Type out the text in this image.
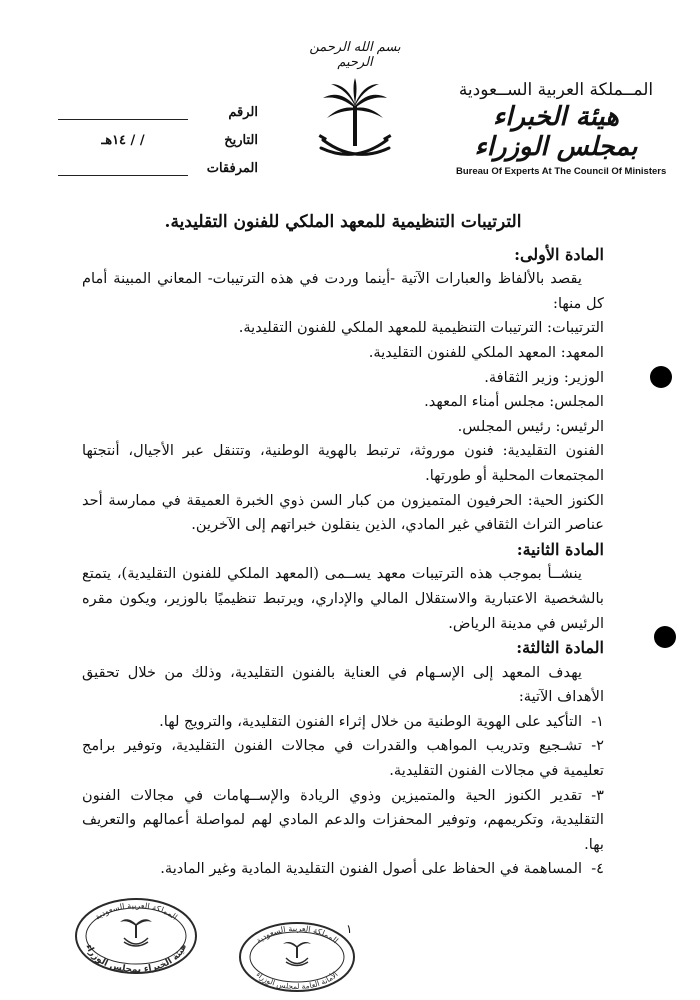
المــملكة العربية الســعودية
هيئة الخبراء بمجلس الوزراء
Bureau Of Experts At The Council Of Ministers
بسم الله الرحمن الرحيم
الرقم
التاريخ
/ / ١٤هـ
المرفقات
الترتيبات التنظيمية للمعهد الملكي للفنون التقليدية.
المادة الأولى:
يقصد بالألفاظ والعبارات الآتية -أينما وردت في هذه الترتيبات- المعاني المبينة أمام كل منها:
الترتيبات: الترتيبات التنظيمية للمعهد الملكي للفنون التقليدية.
المعهد: المعهد الملكي للفنون التقليدية.
الوزير: وزير الثقافة.
المجلس: مجلس أمناء المعهد.
الرئيس: رئيس المجلس.
الفنون التقليدية: فنون موروثة، ترتبط بالهوية الوطنية، وتتنقل عبر الأجيال، أنتجتها المجتمعات المحلية أو طورتها.
الكنوز الحية: الحرفيون المتميزون من كبار السن ذوي الخبرة العميقة في ممارسة أحد عناصر التراث الثقافي غير المادي، الذين ينقلون خبراتهم إلى الآخرين.
المادة الثانية:
ينشــأ بموجب هذه الترتيبات معهد يســمى (المعهد الملكي للفنون التقليدية)، يتمتع بالشخصية الاعتبارية والاستقلال المالي والإداري، ويرتبط تنظيميًا بالوزير، ويكون مقره الرئيس في مدينة الرياض.
المادة الثالثة:
يهدف المعهد إلى الإسـهام في العناية بالفنون التقليدية، وذلك من خلال تحقيق الأهداف الآتية:
١-التأكيد على الهوية الوطنية من خلال إثراء الفنون التقليدية، والترويج لها.
٢-تشـجيع وتدريب المواهب والقدرات في مجالات الفنون التقليدية، وتوفير برامج تعليمية في مجالات الفنون التقليدية.
٣-تقدير الكنوز الحية والمتميزين وذوي الريادة والإســهامات في مجالات الفنون التقليدية، وتكريمهم، وتوفير المحفزات والدعم المادي لهم لمواصلة أعمالهم والتعريف بها.
٤-المساهمة في الحفاظ على أصول الفنون التقليدية المادية وغير المادية.
١
المملكة العربية السعودية
هيئة الخبراء بمجلس الوزراء
المملكة العربية السعودية
الأمانة العامة لمجلس الوزراء
